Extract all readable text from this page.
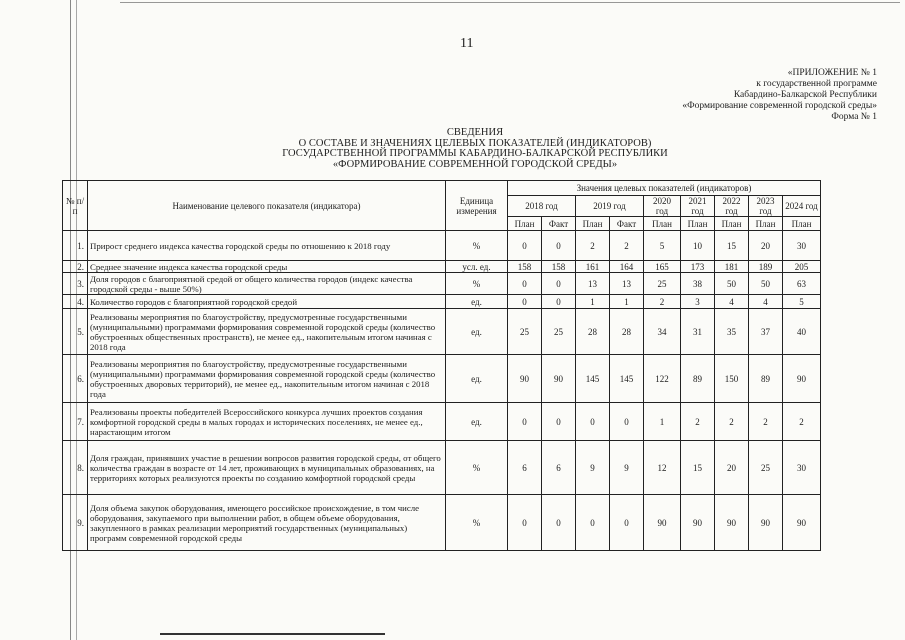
11
«ПРИЛОЖЕНИЕ № 1
к государственной программе
Кабардино-Балкарской Республики
«Формирование современной городской среды»
Форма № 1
СВЕДЕНИЯ
О СОСТАВЕ И ЗНАЧЕНИЯХ ЦЕЛЕВЫХ ПОКАЗАТЕЛЕЙ (ИНДИКАТОРОВ)
ГОСУДАРСТВЕННОЙ ПРОГРАММЫ КАБАРДИНО-БАЛКАРСКОЙ РЕСПУБЛИКИ
«ФОРМИРОВАНИЕ СОВРЕМЕННОЙ ГОРОДСКОЙ СРЕДЫ»
№ п/п	Наименование целевого показателя (индикатора)	Единица измерения	Значения целевых показателей (индикаторов)								
			2018 год		2019 год		2020 год	2021 год	2022 год	2023 год	2024 год
			План	Факт	План	Факт	План	План	План	План	План
1.	Прирост среднего индекса качества городской среды по отношению к 2018 году	%	0	0	2	2	5	10	15	20	30
2.	Среднее значение индекса качества городской среды	усл. ед.	158	158	161	164	165	173	181	189	205
3.	Доля городов с благоприятной средой от общего количества городов (индекс качества городской среды - выше 50%)	%	0	0	13	13	25	38	50	50	63
4.	Количество городов с благоприятной городской средой	ед.	0	0	1	1	2	3	4	4	5
5.	Реализованы мероприятия по благоустройству, предусмотренные государственными (муниципальными) программами формирования современной городской среды (количество обустроенных общественных пространств), не менее ед., накопительным итогом начиная с 2018 года	ед.	25	25	28	28	34	31	35	37	40
6.	Реализованы мероприятия по благоустройству, предусмотренные государственными (муниципальными) программами формирования современной городской среды (количество обустроенных дворовых территорий), не менее ед., накопительным итогом начиная с 2018 года	ед.	90	90	145	145	122	89	150	89	90
7.	Реализованы проекты победителей Всероссийского конкурса лучших проектов создания комфортной городской среды в малых городах и исторических поселениях, не менее ед., нарастающим итогом	ед.	0	0	0	0	1	2	2	2	2
8.	Доля граждан, принявших участие в решении вопросов развития городской среды, от общего количества граждан в возрасте от 14 лет, проживающих в муниципальных образованиях, на территориях которых реализуются проекты по созданию комфортной городской среды	%	6	6	9	9	12	15	20	25	30
9.	Доля объема закупок оборудования, имеющего российское происхождение, в том числе оборудования, закупаемого при выполнении работ, в общем объеме оборудования, закупленного в рамках реализации мероприятий государственных (муниципальных) программ современной городской среды	%	0	0	0	0	90	90	90	90	90
